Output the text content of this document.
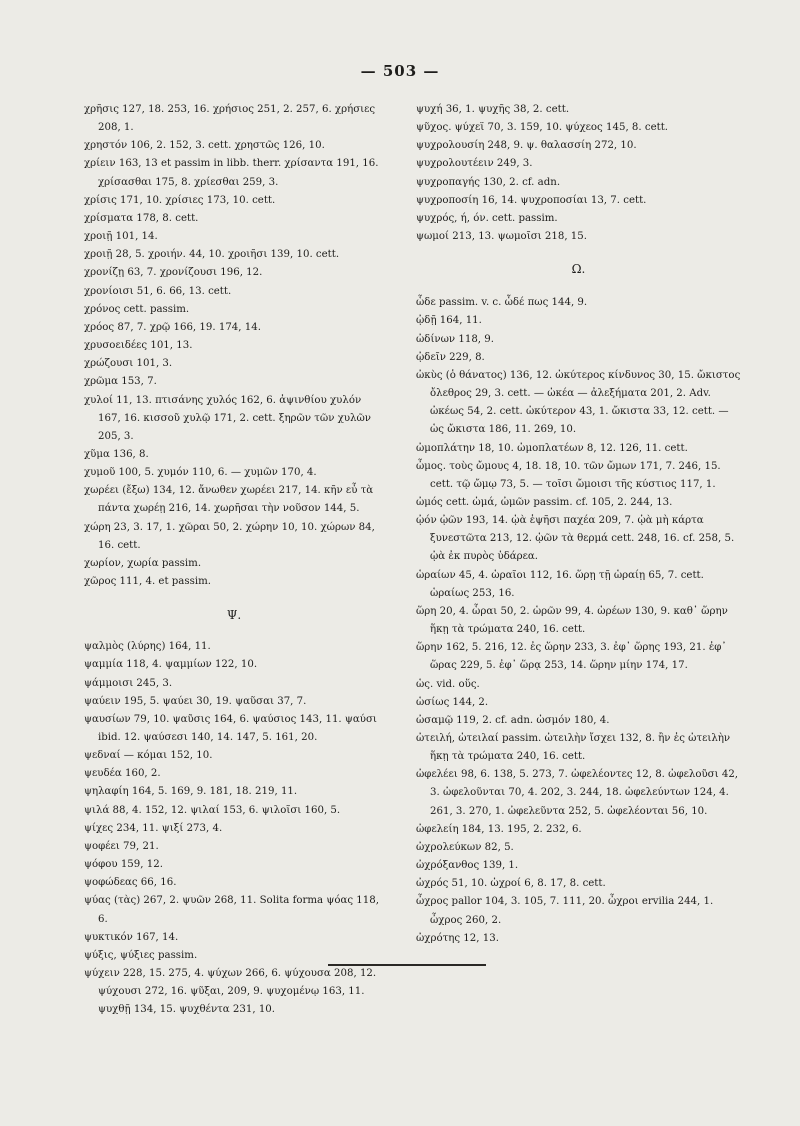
— 503 —
χρῆσις 127, 18. 253, 16. χρήσιος 251, 2. 257, 6. χρήσιες 208, 1.
χρηστόν 106, 2. 152, 3. cett. χρηστῶς 126, 10.
χρίειν 163, 13 et passim in libb. therr. χρίσαντα 191, 16. χρίσασθαι 175, 8. χρίεσθαι 259, 3.
χρίσις 171, 10. χρίσιες 173, 10. cett.
χρίσματα 178, 8. cett.
χροιῇ 101, 14.
χροιῇ 28, 5. χροιήν. 44, 10. χροιῆσι 139, 10. cett.
χρονίζῃ 63, 7. χρονίζουσι 196, 12.
χρονίοισι 51, 6. 66, 13. cett.
χρόνος cett. passim.
χρόος 87, 7. χρῷ 166, 19. 174, 14.
χρυσοειδέες 101, 13.
χρώζουσι 101, 3.
χρῶμα 153, 7.
χυλοί 11, 13. πτισάνης χυλός 162, 6. ἀψινθίου χυλόν 167, 16. κισσοῦ χυλῷ 171, 2. cett. ξηρῶν τῶν χυλῶν 205, 3.
χῦμα 136, 8.
χυμοῦ 100, 5. χυμόν 110, 6. — χυμῶν 170, 4.
χωρέει (ἔξω) 134, 12. ἄνωθεν χωρέει 217, 14. κῆν εὖ τὰ πάντα χωρέῃ 216, 14. χωρῆσαι τὴν νοῦσον 144, 5.
χώρη 23, 3. 17, 1. χῶραι 50, 2. χώρην 10, 10. χώρων 84, 16. cett.
χωρίον, χωρία passim.
χῶρος 111, 4. et passim.
Ψ.
ψαλμὸς (λύρης) 164, 11.
ψαμμία 118, 4. ψαμμίων 122, 10.
ψάμμοισι 245, 3.
ψαύειν 195, 5. ψαύει 30, 19. ψαῦσαι 37, 7.
ψαυσίων 79, 10. ψαῦσις 164, 6. ψαύσιος 143, 11. ψαύσι ibid. 12. ψαύσεσι 140, 14. 147, 5. 161, 20.
ψεδναί — κόμαι 152, 10.
ψευδέα 160, 2.
ψηλαφίη 164, 5. 169, 9. 181, 18. 219, 11.
ψιλά 88, 4. 152, 12. ψιλαί 153, 6. ψιλοῖσι 160, 5.
ψίχες 234, 11. ψιξί 273, 4.
ψοφέει 79, 21.
ψόφου 159, 12.
ψοφώδεας 66, 16.
ψύας (τὰς) 267, 2. ψυῶν 268, 11. Solita forma ψόας 118, 6.
ψυκτικόν 167, 14.
ψύξις, ψύξιες passim.
ψύχειν 228, 15. 275, 4. ψύχων 266, 6. ψύχουσα 208, 12. ψύχουσι 272, 16. ψῦξαι, 209, 9. ψυχομένῳ 163, 11. ψυχθῇ 134, 15. ψυχθέντα 231, 10.
ψυχή 36, 1. ψυχῆς 38, 2. cett.
ψῦχος. ψύχεϊ 70, 3. 159, 10. ψύχεος 145, 8. cett.
ψυχρολουσίη 248, 9. ψ. θαλασσίη 272, 10.
ψυχρολουτέειν 249, 3.
ψυχροπαγής 130, 2. cf. adn.
ψυχροποσίη 16, 14. ψυχροποσίαι 13, 7. cett.
ψυχρός, ή, όν. cett. passim.
ψωμοί 213, 13. ψωμοῖσι 218, 15.
Ω.
ὧδε passim. v. c. ὧδέ πως 144, 9.
ᾠδῇ 164, 11.
ὠδίνων 118, 9.
ᾠδεῖν 229, 8.
ὠκὺς (ὁ θάνατος) 136, 12. ὠκύτερος κίνδυνος 30, 15. ὤκιστος ὄλεθρος 29, 3. cett. — ὠκέα — ἀλεξήματα 201, 2. Adv. ὠκέως 54, 2. cett. ὠκύτερον 43, 1. ὤκιστα 33, 12. cett. — ὡς ὤκιστα 186, 11. 269, 10.
ὠμοπλάτην 18, 10. ὠμοπλατέων 8, 12. 126, 11. cett.
ὦμος. τοὺς ὤμους 4, 18. 18, 10. τῶν ὤμων 171, 7. 246, 15. cett. τῷ ὤμῳ 73, 5. — τοῖσι ὤμοισι τῆς κύστιος 117, 1.
ὠμός cett. ὠμά, ὠμῶν passim. cf. 105, 2. 244, 13.
ᾠόν ᾠῶν 193, 14. ᾠὰ ἑψῆσι παχέα 209, 7. ᾠὰ μὴ κάρτα ξυνεστῶτα 213, 12. ᾠῶν τὰ θερμά cett. 248, 16. cf. 258, 5. ᾠὰ ἐκ πυρὸς ὑδάρεα.
ὡραίων 45, 4. ὡραῖοι 112, 16. ὥρῃ τῇ ὡραίῃ 65, 7. cett. ὡραίως 253, 16.
ὥρη 20, 4. ὧραι 50, 2. ὡρῶν 99, 4. ὡρέων 130, 9. καθ᾽ ὥρην ἥκῃ τὰ τρώματα 240, 16. cett.
ὥρην 162, 5. 216, 12. ἐς ὥρην 233, 3. ἐφ᾽ ὥρης 193, 21. ἐφ᾽ ὥρας 229, 5. ἐφ᾽ ὥρᾳ 253, 14. ὥρην μίην 174, 17.
ὡς. vid. οὕς.
ὡσίως 144, 2.
ὠσαμῷ 119, 2. cf. adn. ὠσμόν 180, 4.
ὠτειλή, ὠτειλαί passim. ὠτειλὴν ἴσχει 132, 8. ἢν ἐς ὠτειλὴν ἥκῃ τὰ τρώματα 240, 16. cett.
ὠφελέει 98, 6. 138, 5. 273, 7. ὠφελέοντες 12, 8. ὠφελοῦσι 42, 3. ὠφελοῦνται 70, 4. 202, 3. 244, 18. ὠφελεύντων 124, 4. 261, 3. 270, 1. ὠφελεῦντα 252, 5. ὠφελέονται 56, 10.
ὠφελείη 184, 13. 195, 2. 232, 6.
ὠχρολεύκων 82, 5.
ὠχρόξανθος 139, 1.
ὠχρός 51, 10. ὠχροί 6, 8. 17, 8. cett.
ὦχρος pallor 104, 3. 105, 7. 111, 20. ὦχροι ervilia 244, 1. ὦχρος 260, 2.
ὠχρότης 12, 13.
